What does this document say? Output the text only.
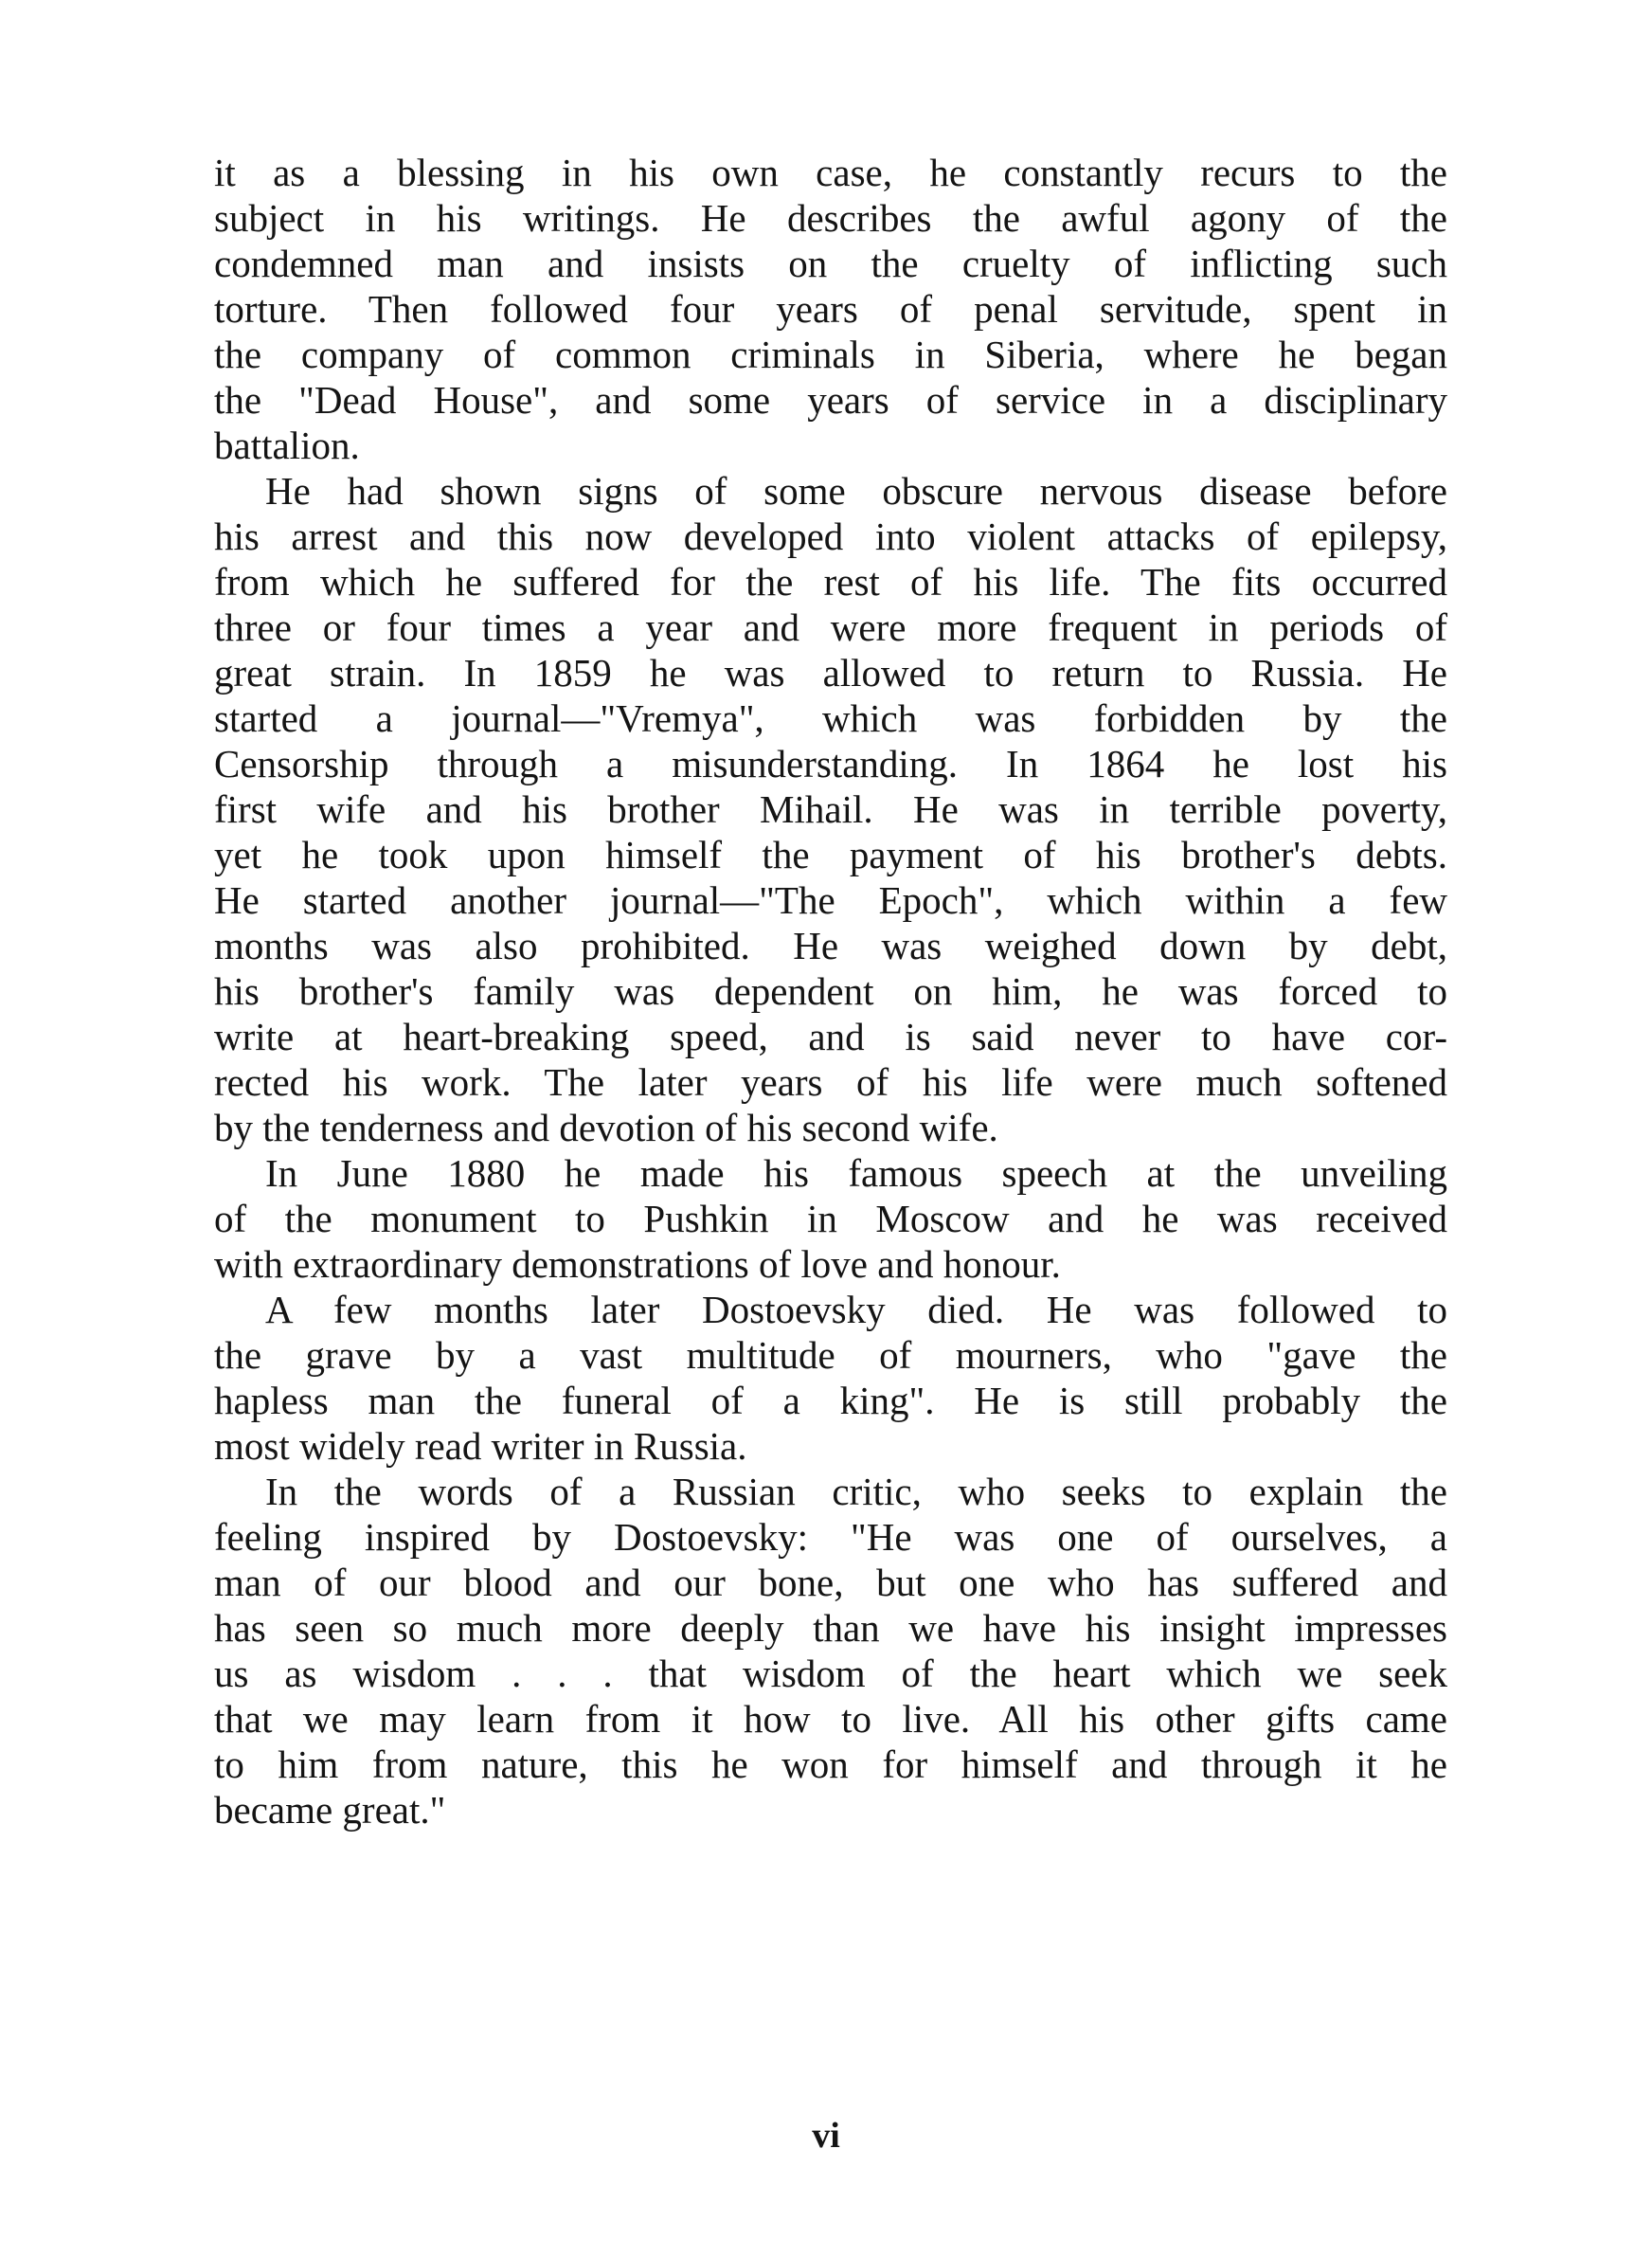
it as a blessing in his own case, he constantly recurs to the
subject in his writings. He describes the awful agony of the
condemned man and insists on the cruelty of inflicting such
torture. Then followed four years of penal servitude, spent in
the company of common criminals in Siberia, where he began
the "Dead House", and some years of service in a disciplinary
battalion.
He had shown signs of some obscure nervous disease before
his arrest and this now developed into violent attacks of epilepsy,
from which he suffered for the rest of his life. The fits occurred
three or four times a year and were more frequent in periods of
great strain. In 1859 he was allowed to return to Russia. He
started a journal—"Vremya", which was forbidden by the
Censorship through a misunderstanding. In 1864 he lost his
first wife and his brother Mihail. He was in terrible poverty,
yet he took upon himself the payment of his brother's debts.
He started another journal—"The Epoch", which within a few
months was also prohibited. He was weighed down by debt,
his brother's family was dependent on him, he was forced to
write at heart-breaking speed, and is said never to have cor-
rected his work. The later years of his life were much softened
by the tenderness and devotion of his second wife.
In June 1880 he made his famous speech at the unveiling
of the monument to Pushkin in Moscow and he was received
with extraordinary demonstrations of love and honour.
A few months later Dostoevsky died. He was followed to
the grave by a vast multitude of mourners, who "gave the
hapless man the funeral of a king". He is still probably the
most widely read writer in Russia.
In the words of a Russian critic, who seeks to explain the
feeling inspired by Dostoevsky: "He was one of ourselves, a
man of our blood and our bone, but one who has suffered and
has seen so much more deeply than we have his insight impresses
us as wisdom . . . that wisdom of the heart which we seek
that we may learn from it how to live. All his other gifts came
to him from nature, this he won for himself and through it he
became great."
vi
